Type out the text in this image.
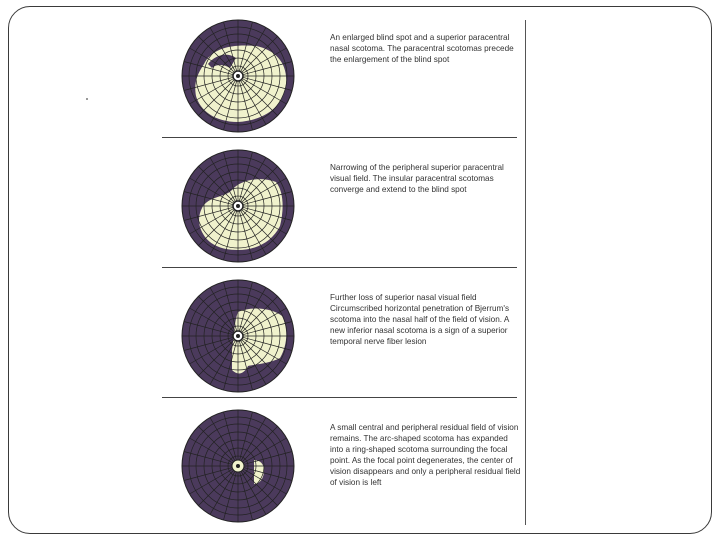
An enlarged blind spot and a superior paracentral nasal scotoma. The paracentral scotomas precede the enlargement of the blind spot
Narrowing of the peripheral superior paracentral visual field. The insular paracentral scotomas converge and extend to the blind spot
Further loss of superior nasal visual field Circumscribed horizontal penetration of Bjerrum's scotoma into the nasal half of the field of vision. A new inferior nasal scotoma is a sign of a superior temporal nerve fiber lesion
A small central and peripheral residual field of vision remains. The arc-shaped scotoma has expanded into a ring-shaped scotoma surrounding the focal point. As the focal point degenerates, the center of vision disappears and only a peripheral residual field of vision is left
